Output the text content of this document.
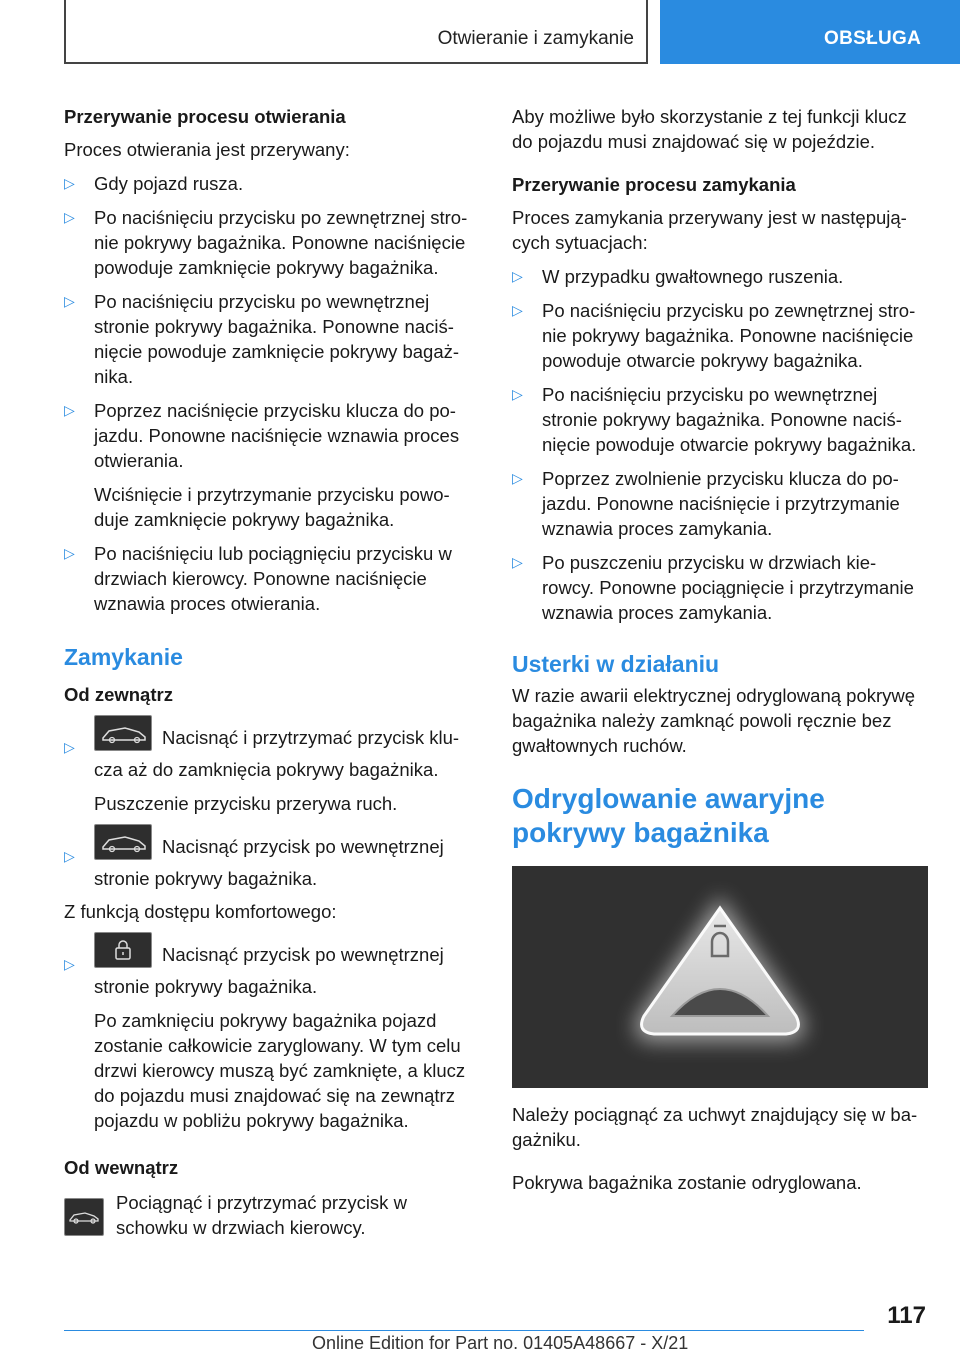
Otwieranie i zamykanie	OBSŁUGA

Przerywanie procesu otwierania

Proces otwierania jest przerywany:

▷ Gdy pojazd rusza.
▷ Po naciśnięciu przycisku po zewnętrznej stro- nie pokrywy bagażnika. Ponowne naciśnięcie powoduje zamknięcie pokrywy bagażnika.
▷ Po naciśnięciu przycisku po wewnętrznej stronie pokrywy bagażnika. Ponowne naciś- nięcie powoduje zamknięcie pokrywy bagaż- nika.
▷ Poprzez naciśnięcie przycisku klucza do po- jazdu. Ponowne naciśnięcie wznawia proces otwierania.

Wciśnięcie i przytrzymanie przycisku powo- duje zamknięcie pokrywy bagażnika.

▷ Po naciśnięciu lub pociągnięciu przycisku w drzwiach kierowcy. Ponowne naciśnięcie wznawia proces otwierania.
Zamykanie

Od zewnątrz

▷	Nacisnąć i przytrzymać przycisk klu- cza aż do zamknięcia pokrywy bagażnika.

Puszczenie przycisku przerywa ruch.

▷	Nacisnąć przycisk po wewnętrznej stronie pokrywy bagażnika.

Z funkcją dostępu komfortowego:

▷	Nacisnąć przycisk po wewnętrznej stronie pokrywy bagażnika.

Po zamknięciu pokrywy bagażnika pojazd zostanie całkowicie zaryglowany. W tym celu drzwi kierowcy muszą być zamknięte, a klucz do pojazdu musi znajdować się na zewnątrz pojazdu w pobliżu pokrywy bagażnika.

Od wewnątrz

Pociągnąć i przytrzymać przycisk w schowku w drzwiach kierowcy.

Aby możliwe było skorzystanie z tej funkcji klucz do pojazdu musi znajdować się w pojeździe.

Przerywanie procesu zamykania

Proces zamykania przerywany jest w następują- cych sytuacjach:

▷ W przypadku gwałtownego ruszenia.
▷ Po naciśnięciu przycisku po zewnętrznej stro- nie pokrywy bagażnika. Ponowne naciśnięcie powoduje otwarcie pokrywy bagażnika.
▷ Po naciśnięciu przycisku po wewnętrznej stronie pokrywy bagażnika. Ponowne naciś- nięcie powoduje otwarcie pokrywy bagażnika.
▷ Poprzez zwolnienie przycisku klucza do po- jazdu. Ponowne naciśnięcie i przytrzymanie wznawia proces zamykania.
▷ Po puszczeniu przycisku w drzwiach kie- rowcy. Ponowne pociągnięcie i przytrzymanie wznawia proces zamykania.
Usterki w działaniu

W razie awarii elektrycznej odryglowaną pokrywę bagażnika należy zamknąć powoli ręcznie bez gwałtownych ruchów.

Odryglowanie awaryjne pokrywy bagażnika

Należy pociągnąć za uchwyt znajdujący się w ba- gażniku.

Pokrywa bagażnika zostanie odryglowana.

117
Online Edition for Part no. 01405A48667 - X/21
